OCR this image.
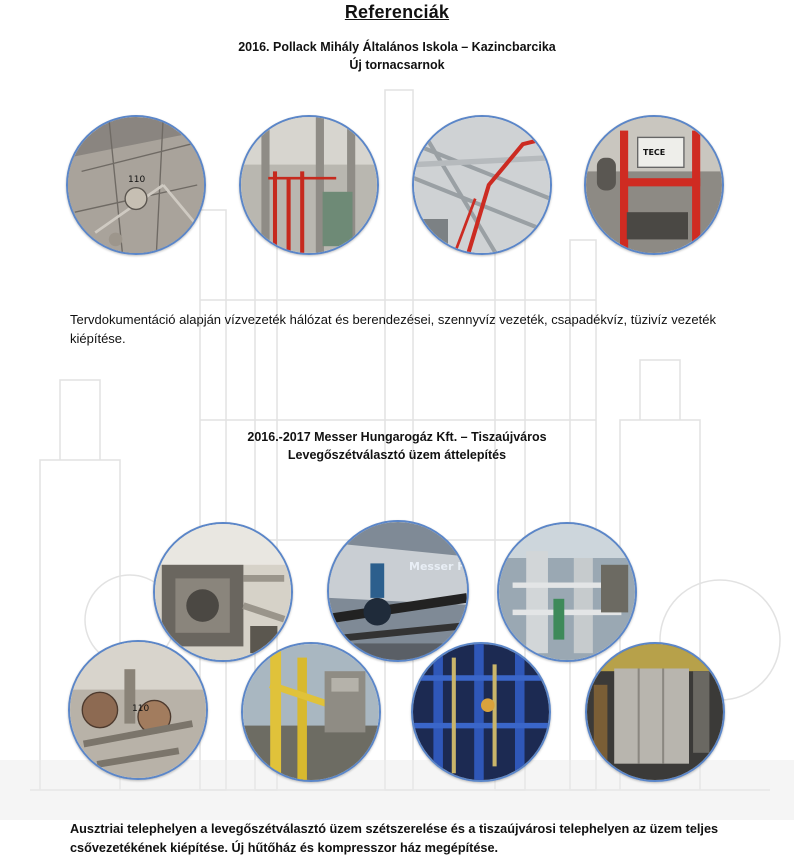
Referenciák
2016. Pollack Mihály Általános Iskola – Kazincbarcika
Új tornacsarnok
110
TECE
Tervdokumentáció alapján vízvezeték hálózat és berendezései, szennyvíz vezeték, csapadékvíz, tüzivíz vezeték kiépítése.
2016.-2017 Messer Hungarogáz Kft. – Tiszaújváros
Levegőszétválasztó üzem áttelepítés
Messer H
110
Ausztriai telephelyen a levegőszétválasztó üzem szétszerelése és a tiszaújvárosi telephelyen az üzem teljes csővezetékének kiépítése. Új hűtőház és kompresszor ház megépítése.
